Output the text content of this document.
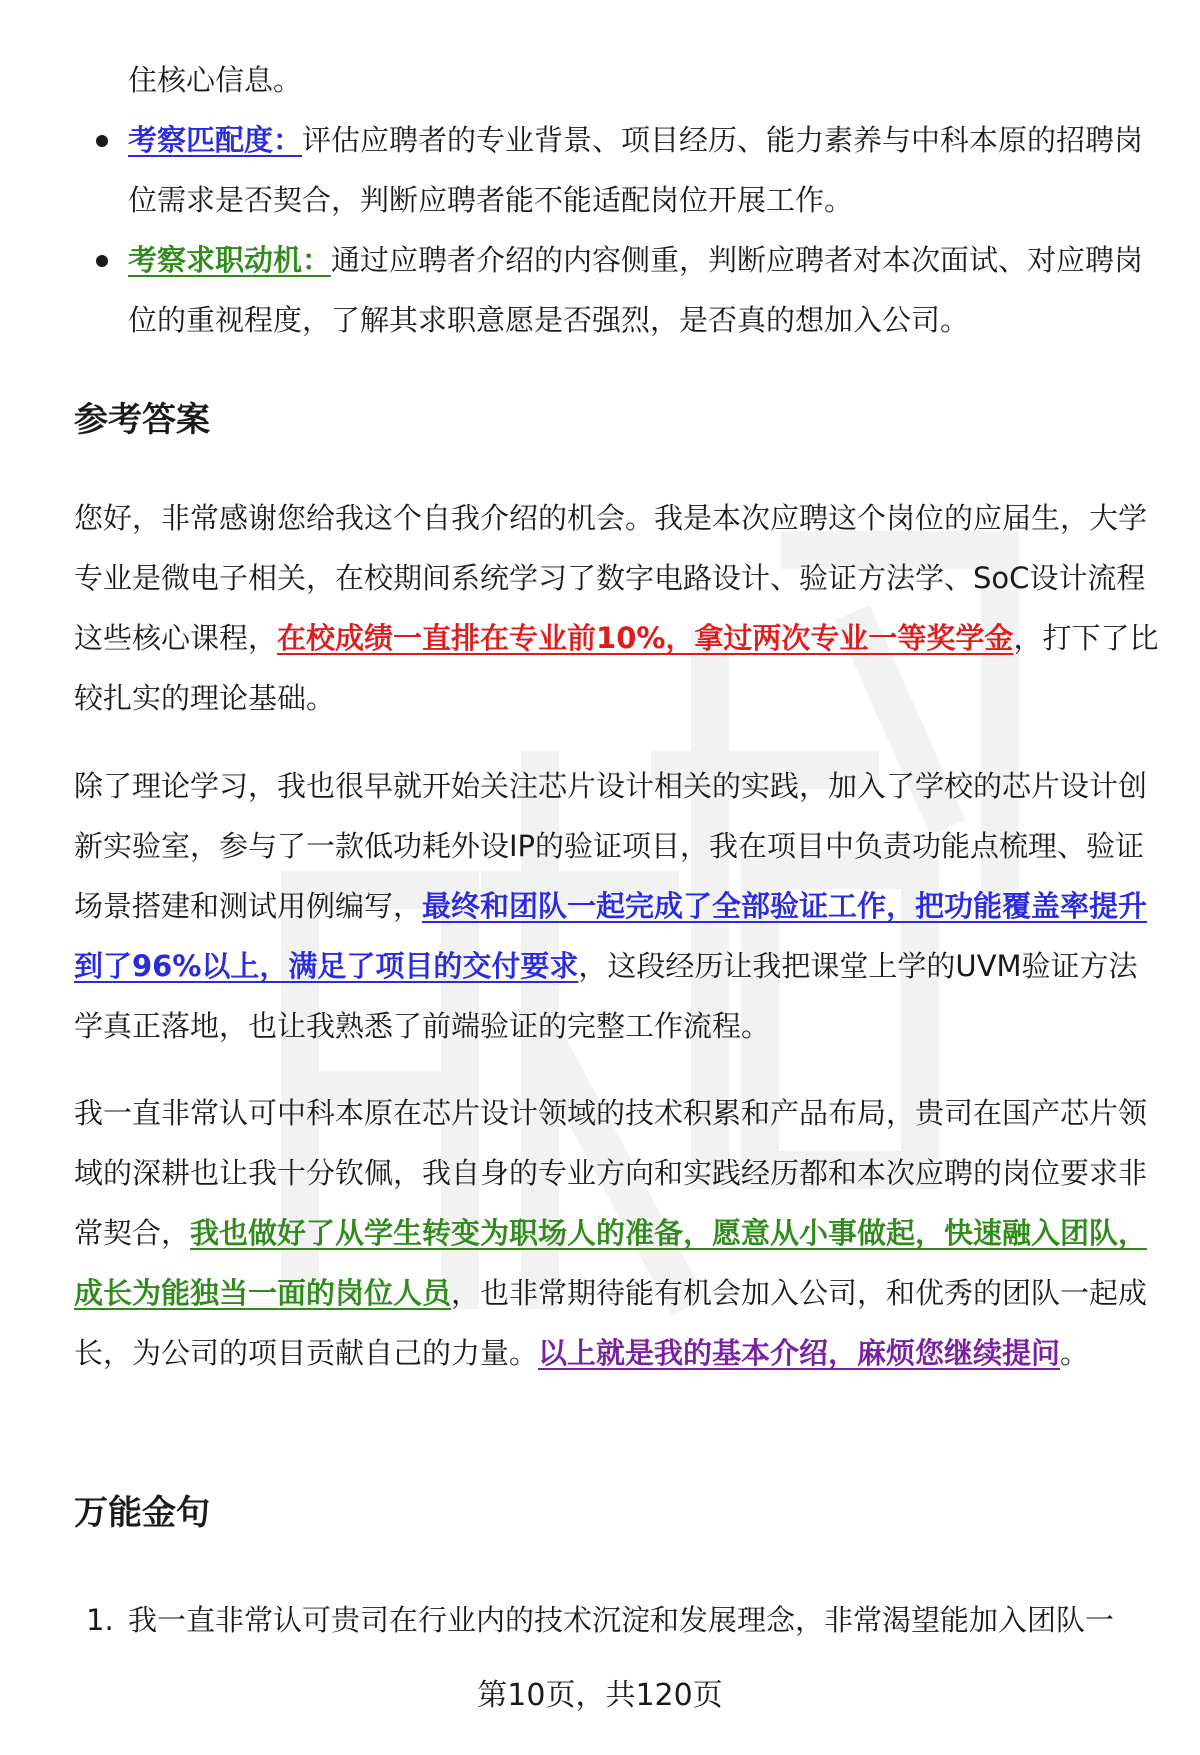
住核心信息。
考察匹配度：评估应聘者的专业背景、项目经历、能力素养与中科本原的招聘岗位需求是否契合，判断应聘者能不能适配岗位开展工作。
考察求职动机：通过应聘者介绍的内容侧重，判断应聘者对本次面试、对应聘岗位的重视程度，了解其求职意愿是否强烈，是否真的想加入公司。
参考答案

您好，非常感谢您给我这个自我介绍的机会。我是本次应聘这个岗位的应届生，大学专业是微电子相关，在校期间系统学习了数字电路设计、验证方法学、SoC设计流程这些核心课程，在校成绩一直排在专业前10%，拿过两次专业一等奖学金，打下了比较扎实的理论基础。

除了理论学习，我也很早就开始关注芯片设计相关的实践，加入了学校的芯片设计创新实验室，参与了一款低功耗外设IP的验证项目，我在项目中负责功能点梳理、验证场景搭建和测试用例编写，最终和团队一起完成了全部验证工作，把功能覆盖率提升到了96%以上，满足了项目的交付要求，这段经历让我把课堂上学的UVM验证方法学真正落地，也让我熟悉了前端验证的完整工作流程。

我一直非常认可中科本原在芯片设计领域的技术积累和产品布局，贵司在国产芯片领域的深耕也让我十分钦佩，我自身的专业方向和实践经历都和本次应聘的岗位要求非常契合，我也做好了从学生转变为职场人的准备，愿意从小事做起，快速融入团队，成长为能独当一面的岗位人员，也非常期待能有机会加入公司，和优秀的团队一起成长，为公司的项目贡献自己的力量。以上就是我的基本介绍，麻烦您继续提问。

万能金句
1. 我一直非常认可贵司在行业内的技术沉淀和发展理念，非常渴望能加入团队一
第10页，共120页
